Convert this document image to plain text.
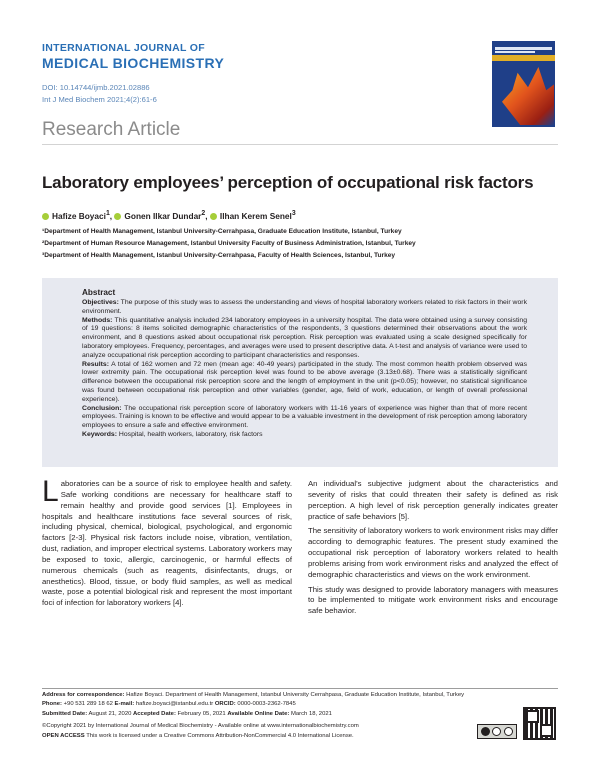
INTERNATIONAL JOURNAL OF
MEDICAL BIOCHEMISTRY
DOI: 10.14744/ijmb.2021.02886
Int J Med Biochem 2021;4(2):61-6
Research Article
Laboratory employees’ perception of occupational risk factors
Hafize Boyaci$^1$, Gonen Ilkar Dundar$^2$, Ilhan Kerem Senel$^3$
¹Department of Health Management, Istanbul University-Cerrahpasa, Graduate Education Institute, Istanbul, Turkey
²Department of Human Resource Management, Istanbul University Faculty of Business Administration, Istanbul, Turkey
³Department of Health Management, Istanbul University-Cerrahpasa, Faculty of Health Sciences, Istanbul, Turkey
Abstract

Objectives: The purpose of this study was to assess the understanding and views of hospital laboratory workers related to risk factors in their work environment.

Methods: This quantitative analysis included 234 laboratory employees in a university hospital. The data were obtained using a survey consisting of 19 questions: 8 items solicited demographic characteristics of the respondents, 3 questions determined their observations about the work environment, and 8 questions asked about occupational risk perception. Risk perception was evaluated using a scale designed specifically for laboratory employees. Frequency, percentages, and averages were used to present descriptive data. A t-test and analysis of variance were used to analyze occupational risk perception according to participant characteristics and responses.

Results: A total of 162 women and 72 men (mean age: 40-49 years) participated in the study. The most common health problem observed was lower extremity pain. The occupational risk perception level was found to be above average (3.13±0.68). There was a statistically significant difference between the occupational risk perception score and the length of employment in the unit (p<0.05); however, no statistical significance was found between occupational risk perception and other variables (gender, age, field of work, education, or length of overall professional experience).

Conclusion: The occupational risk perception score of laboratory workers with 11-16 years of experience was higher than that of more recent employees. Training is known to be effective and would appear to be a valuable investment in the development of risk perception among laboratory employees to ensure a safe and effective environment.

Keywords: Hospital, health workers, laboratory, risk factors

Laboratories can be a source of risk to employee health and safety. Safe working conditions are necessary for healthcare staff to remain healthy and provide good services [1]. Employees in hospitals and healthcare institutions face several sources of risk, including physical, chemical, biological, psychological, and ergonomic factors [2-3]. Physical risk factors include noise, vibration, ventilation, dust, radiation, and improper electrical systems. Laboratory workers may be exposed to toxic, allergic, carcinogenic, or harmful effects of numerous chemicals (such as reagents, disinfectants, drugs, or anesthetics). Blood, tissue, or body fluid samples, as well as medical waste, pose a potential biological risk and represent the most important foci of infection for laboratory workers [4].

An individual’s subjective judgment about the characteristics and severity of risks that could threaten their safety is defined as risk perception. A high level of risk perception generally indicates greater practice of safe behaviors [5].

The sensitivity of laboratory workers to work environment risks may differ according to demographic features. The present study examined the occupational risk perception of laboratory workers related to health problems arising from work environment risks and analyzed the effect of demographic characteristics and views on the work environment.

This study was designed to provide laboratory managers with measures to be implemented to mitigate work environment risks and encourage safe behavior.

Address for correspondence: Hafize Boyaci. Department of Health Management, Istanbul University Cerrahpasa, Graduate Education Institute, Istanbul, Turkey
Phone: +90 531 289 18 62 E-mail: hafize.boyaci@istanbul.edu.tr ORCID: 0000-0003-2362-7845
Submitted Date: August 21, 2020 Accepted Date: February 05, 2021 Available Online Date: March 18, 2021
©Copyright 2021 by International Journal of Medical Biochemistry - Available online at www.internationalbiochemistry.com
OPEN ACCESS This work is licensed under a Creative Commons Attribution-NonCommercial 4.0 International License.
